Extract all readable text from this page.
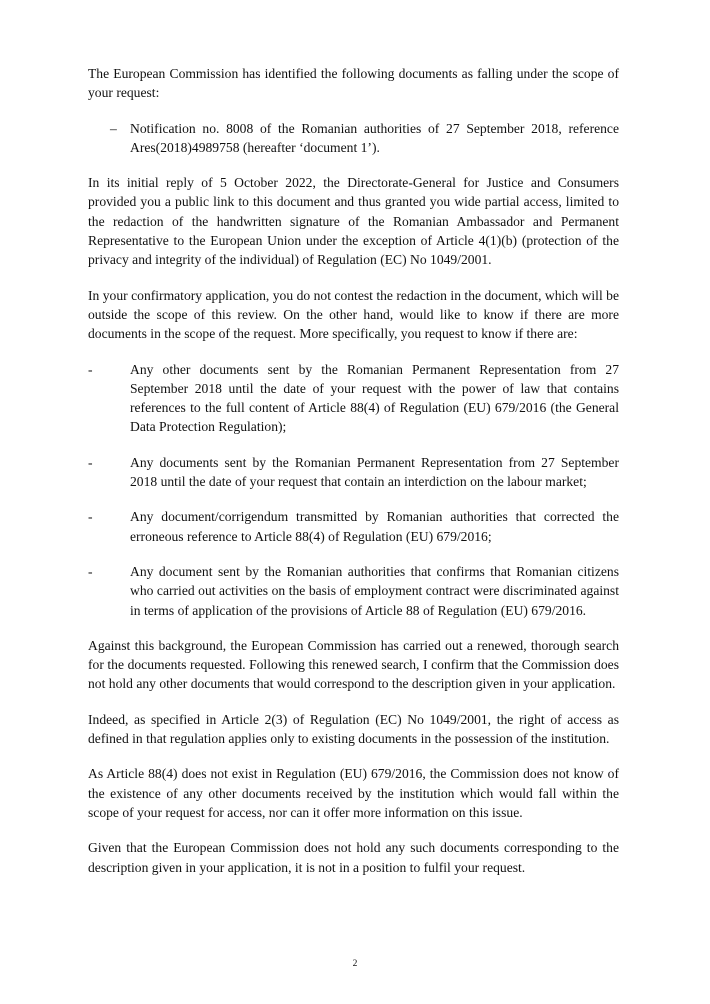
The European Commission has identified the following documents as falling under the scope of your request:

– Notification no. 8008 of the Romanian authorities of 27 September 2018, reference Ares(2018)4989758 (hereafter ‘document 1’).

In its initial reply of 5 October 2022, the Directorate-General for Justice and Consumers provided you a public link to this document and thus granted you wide partial access, limited to the redaction of the handwritten signature of the Romanian Ambassador and Permanent Representative to the European Union under the exception of Article 4(1)(b) (protection of the privacy and integrity of the individual) of Regulation (EC) No 1049/2001.

In your confirmatory application, you do not contest the redaction in the document, which will be outside the scope of this review. On the other hand, would like to know if there are more documents in the scope of the request. More specifically, you request to know if there are:

-	Any other documents sent by the Romanian Permanent Representation from 27 September 2018 until the date of your request with the power of law that contains references to the full content of Article 88(4) of Regulation (EU) 679/2016 (the General Data Protection Regulation);

-	Any documents sent by the Romanian Permanent Representation from 27 September 2018 until the date of your request that contain an interdiction on the labour market;

-	Any document/corrigendum transmitted by Romanian authorities that corrected the erroneous reference to Article 88(4) of Regulation (EU) 679/2016;

-	Any document sent by the Romanian authorities that confirms that Romanian citizens who carried out activities on the basis of employment contract were discriminated against in terms of application of the provisions of Article 88 of Regulation (EU) 679/2016.

Against this background, the European Commission has carried out a renewed, thorough search for the documents requested. Following this renewed search, I confirm that the Commission does not hold any other documents that would correspond to the description given in your application.

Indeed, as specified in Article 2(3) of Regulation (EC) No 1049/2001, the right of access as defined in that regulation applies only to existing documents in the possession of the institution.

As Article 88(4) does not exist in Regulation (EU) 679/2016, the Commission does not know of the existence of any other documents received by the institution which would fall within the scope of your request for access, nor can it offer more information on this issue.

Given that the European Commission does not hold any such documents corresponding to the description given in your application, it is not in a position to fulfil your request.

2
